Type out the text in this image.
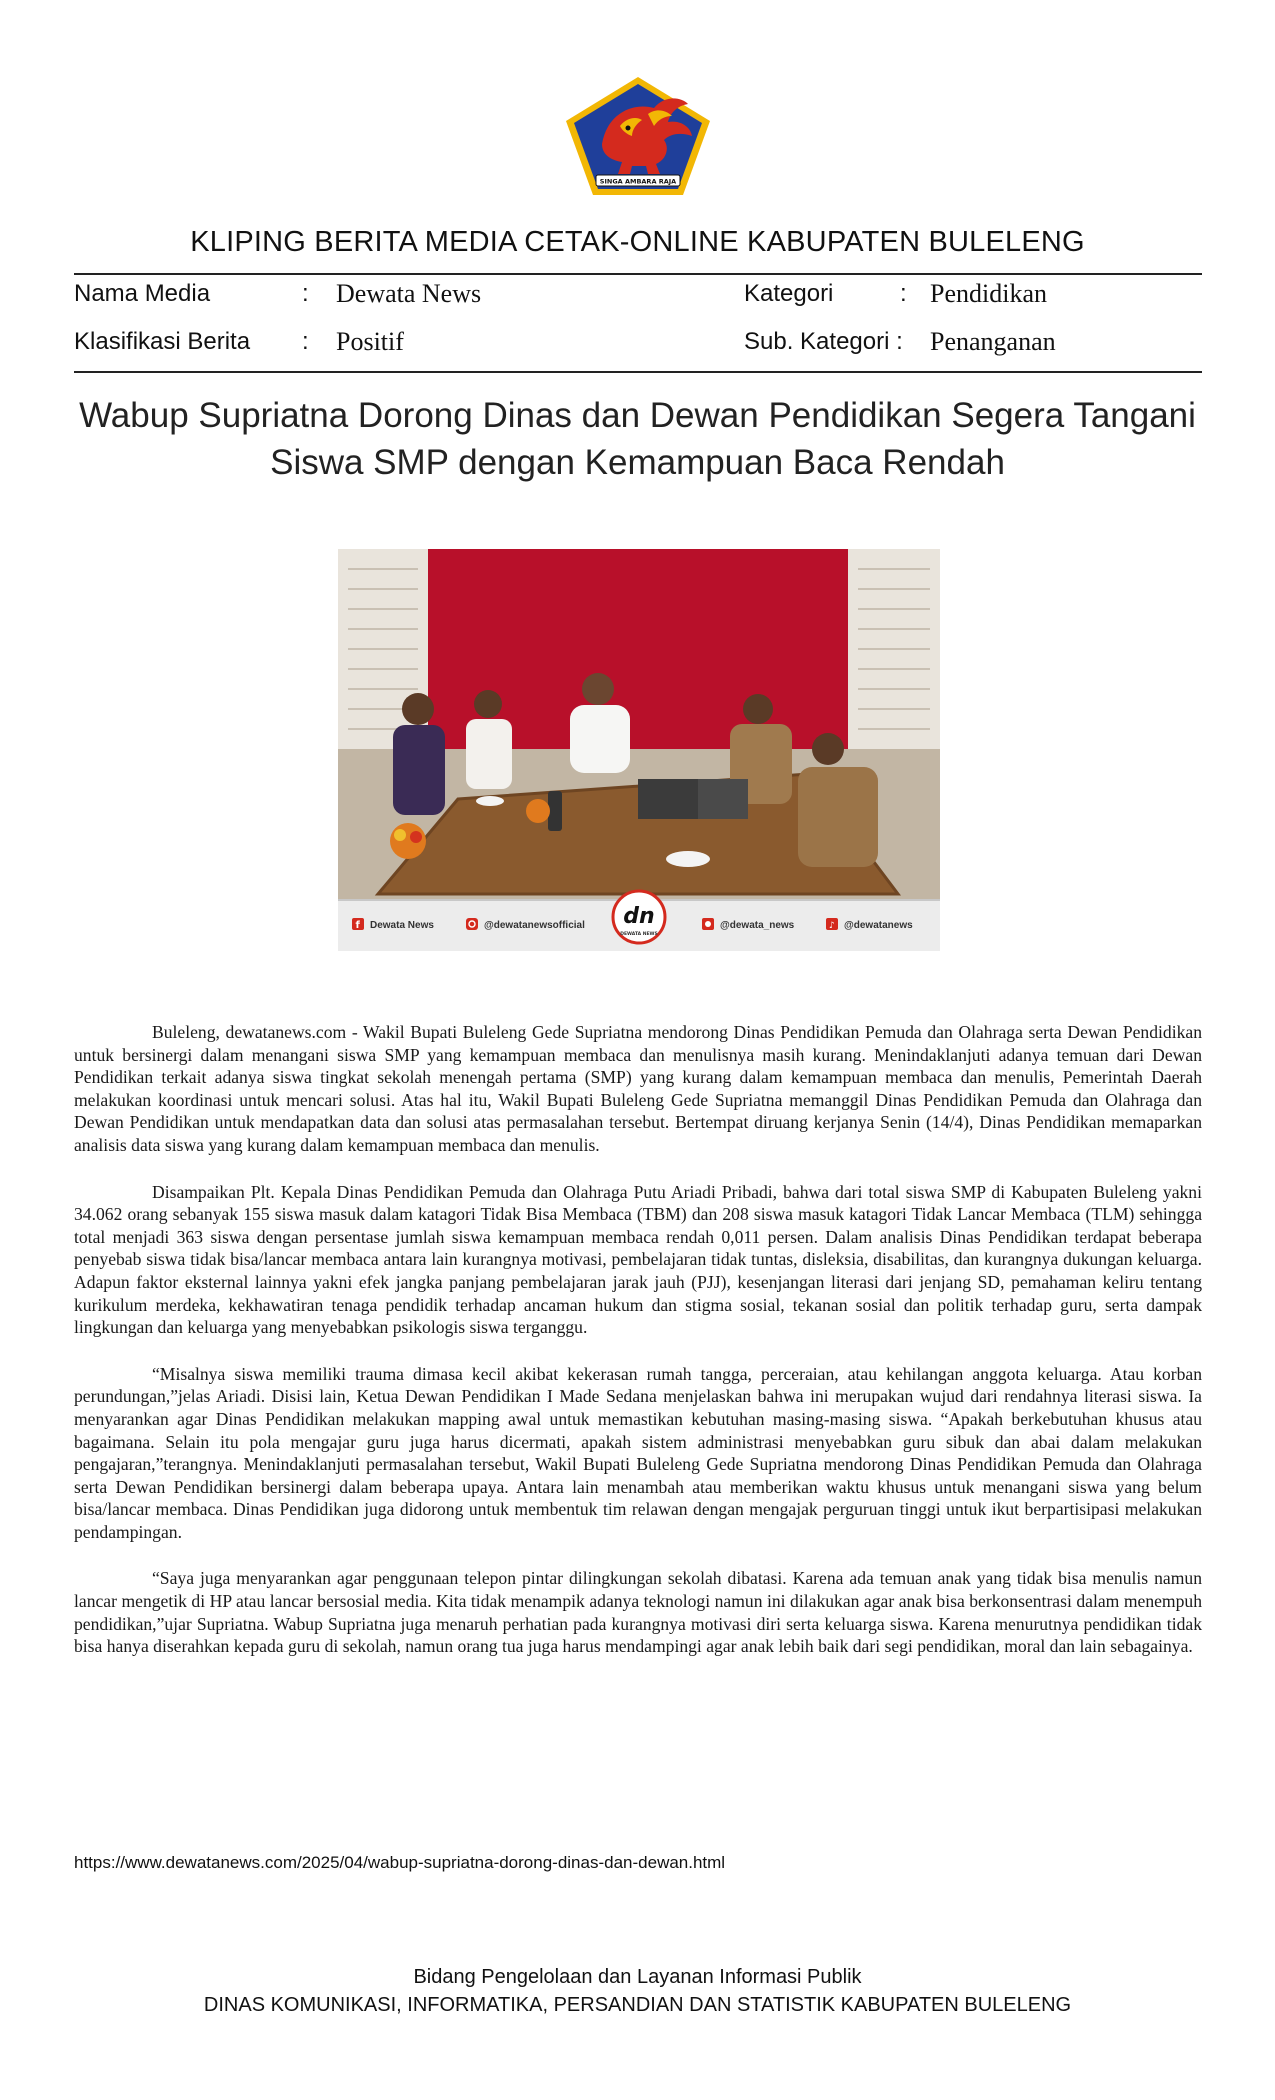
SINGA AMBARA RAJA
KLIPING BERITA MEDIA CETAK-ONLINE KABUPATEN BULELENG
Nama Media	: Dewata News	Kategori	: Pendidikan
Klasifikasi Berita : Positif	Sub. Kategori : Penanganan
Wabup Supriatna Dorong Dinas dan Dewan Pendidikan Segera Tangani
Siswa SMP dengan Kemampuan Baca Rendah
f Dewata News	@dewatanewsofficial dn
DEWATA NEWS
@dewata_news	♪ @dewatanews

Buleleng, dewatanews.com - Wakil Bupati Buleleng Gede Supriatna mendorong Dinas Pendidikan Pemuda dan Olahraga serta Dewan Pendidikan untuk bersinergi dalam menangani siswa SMP yang kemampuan membaca dan menulisnya masih kurang. Menindaklanjuti adanya temuan dari Dewan Pendidikan terkait adanya siswa tingkat sekolah menengah pertama (SMP) yang kurang dalam kemampuan membaca dan menulis, Pemerintah Daerah melakukan koordinasi untuk mencari solusi. Atas hal itu, Wakil Bupati Buleleng Gede Supriatna memanggil Dinas Pendidikan Pemuda dan Olahraga dan Dewan Pendidikan untuk mendapatkan data dan solusi atas permasalahan tersebut. Bertempat diruang kerjanya Senin (14/4), Dinas Pendidikan memaparkan analisis data siswa yang kurang dalam kemampuan membaca dan menulis.

Disampaikan Plt. Kepala Dinas Pendidikan Pemuda dan Olahraga Putu Ariadi Pribadi, bahwa dari total siswa SMP di Kabupaten Buleleng yakni 34.062 orang sebanyak 155 siswa masuk dalam katagori Tidak Bisa Membaca (TBM) dan 208 siswa masuk katagori Tidak Lancar Membaca (TLM) sehingga total menjadi 363 siswa dengan persentase jumlah siswa kemampuan membaca rendah 0,011 persen. Dalam analisis Dinas Pendidikan terdapat beberapa penyebab siswa tidak bisa/lancar membaca antara lain kurangnya motivasi, pembelajaran tidak tuntas, disleksia, disabilitas, dan kurangnya dukungan keluarga. Adapun faktor eksternal lainnya yakni efek jangka panjang pembelajaran jarak jauh (PJJ), kesenjangan literasi dari jenjang SD, pemahaman keliru tentang kurikulum merdeka, kekhawatiran tenaga pendidik terhadap ancaman hukum dan stigma sosial, tekanan sosial dan politik terhadap guru, serta dampak lingkungan dan keluarga yang menyebabkan psikologis siswa terganggu.

“Misalnya siswa memiliki trauma dimasa kecil akibat kekerasan rumah tangga, perceraian, atau kehilangan anggota keluarga. Atau korban perundungan,”jelas Ariadi. Disisi lain, Ketua Dewan Pendidikan I Made Sedana menjelaskan bahwa ini merupakan wujud dari rendahnya literasi siswa. Ia menyarankan agar Dinas Pendidikan melakukan mapping awal untuk memastikan kebutuhan masing-masing siswa. “Apakah berkebutuhan khusus atau bagaimana. Selain itu pola mengajar guru juga harus dicermati, apakah sistem administrasi menyebabkan guru sibuk dan abai dalam melakukan pengajaran,”terangnya. Menindaklanjuti permasalahan tersebut, Wakil Bupati Buleleng Gede Supriatna mendorong Dinas Pendidikan Pemuda dan Olahraga serta Dewan Pendidikan bersinergi dalam beberapa upaya. Antara lain menambah atau memberikan waktu khusus untuk menangani siswa yang belum bisa/lancar membaca. Dinas Pendidikan juga didorong untuk membentuk tim relawan dengan mengajak perguruan tinggi untuk ikut berpartisipasi melakukan pendampingan.

“Saya juga menyarankan agar penggunaan telepon pintar dilingkungan sekolah dibatasi. Karena ada temuan anak yang tidak bisa menulis namun lancar mengetik di HP atau lancar bersosial media. Kita tidak menampik adanya teknologi namun ini dilakukan agar anak bisa berkonsentrasi dalam menempuh pendidikan,”ujar Supriatna. Wabup Supriatna juga menaruh perhatian pada kurangnya motivasi diri serta keluarga siswa. Karena menurutnya pendidikan tidak bisa hanya diserahkan kepada guru di sekolah, namun orang tua juga harus mendampingi agar anak lebih baik dari segi pendidikan, moral dan lain sebagainya.

https://www.dewatanews.com/2025/04/wabup-supriatna-dorong-dinas-dan-dewan.html
Bidang Pengelolaan dan Layanan Informasi Publik
DINAS KOMUNIKASI, INFORMATIKA, PERSANDIAN DAN STATISTIK KABUPATEN BULELENG
